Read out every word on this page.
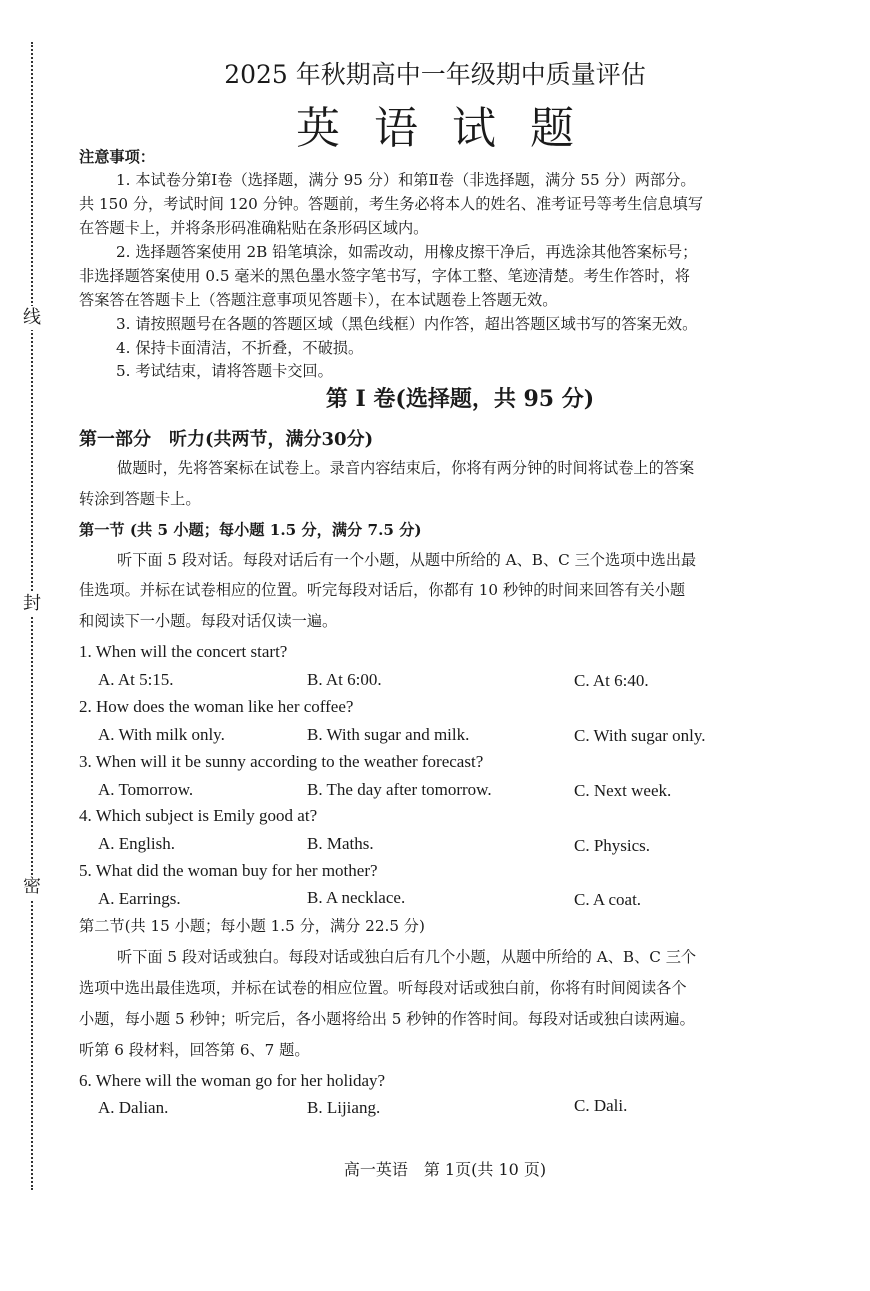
线
封
密
2025 年秋期高中一年级期中质量评估
英语试题
注意事项：
1. 本试卷分第Ⅰ卷（选择题，满分 95 分）和第Ⅱ卷（非选择题，满分 55 分）两部分。
共 150 分，考试时间 120 分钟。答题前，考生务必将本人的姓名、准考证号等考生信息填写
在答题卡上，并将条形码准确粘贴在条形码区域内。
2. 选择题答案使用 2B 铅笔填涂，如需改动，用橡皮擦干净后，再选涂其他答案标号；
非选择题答案使用 0.5 毫米的黑色墨水签字笔书写，字体工整、笔迹清楚。考生作答时，将
答案答在答题卡上（答题注意事项见答题卡），在本试题卷上答题无效。
3. 请按照题号在各题的答题区域（黑色线框）内作答，超出答题区域书写的答案无效。
4. 保持卡面清洁，不折叠，不破损。
5. 考试结束，请将答题卡交回。
第 I 卷(选择题，共 95 分)
第一部分　听力(共两节，满分30分)
做题时，先将答案标在试卷上。录音内容结束后，你将有两分钟的时间将试卷上的答案
转涂到答题卡上。
第一节 (共 5 小题；每小题 1.5 分，满分 7.5 分)
听下面 5 段对话。每段对话后有一个小题，从题中所给的 A、B、C 三个选项中选出最
佳选项。并标在试卷相应的位置。听完每段对话后，你都有 10 秒钟的时间来回答有关小题
和阅读下一小题。每段对话仅读一遍。
1. When will the concert start?
A. At 5:15.	B. At 6:00.	C. At 6:40.
2. How does the woman like her coffee?
A. With milk only.	B. With sugar and milk.	C. With sugar only.
3. When will it be sunny according to the weather forecast?
A. Tomorrow.	B. The day after tomorrow.	C. Next week.
4. Which subject is Emily good at?
A. English.	B. Maths.	C. Physics.
5. What did the woman buy for her mother?
A. Earrings.	B. A necklace.	C. A coat.
第二节(共 15 小题；每小题 1.5 分，满分 22.5 分)
听下面 5 段对话或独白。每段对话或独白后有几个小题，从题中所给的 A、B、C 三个
选项中选出最佳选项，并标在试卷的相应位置。听每段对话或独白前，你将有时间阅读各个
小题，每小题 5 秒钟；听完后，各小题将给出 5 秒钟的作答时间。每段对话或独白读两遍。
听第 6 段材料，回答第 6、7 题。
6. Where will the woman go for her holiday?
A. Dalian.	B. Lijiang.	C. Dali.
高一英语　第 1页(共 10 页)
